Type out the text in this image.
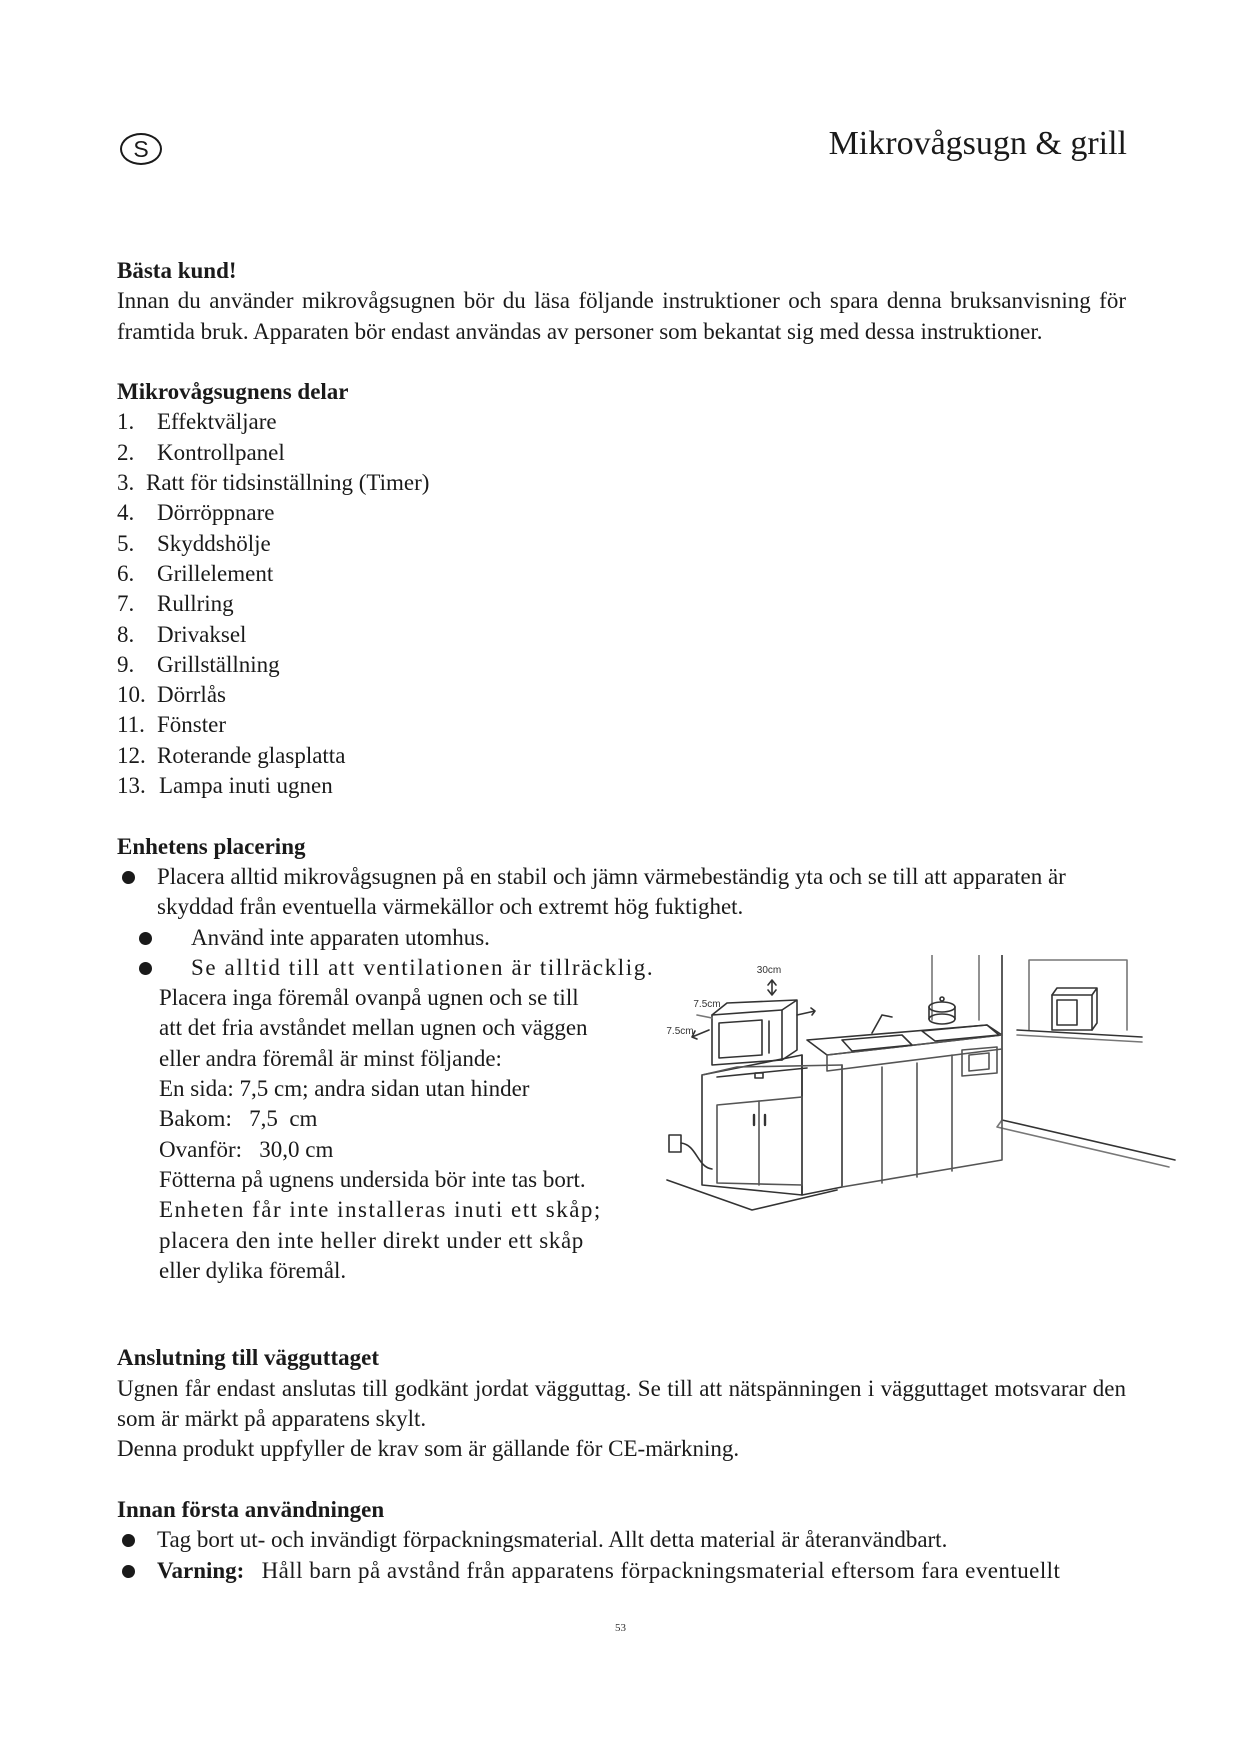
S	Mikrovågsugn & grill
Bästa kund!

Innan du använder mikrovågsugnen bör du läsa följande instruktioner och spara denna bruksanvisning för framtida bruk. Apparaten bör endast användas av personer som bekantat sig med dessa instruktioner.

Mikrovågsugnens delar
1. Effektväljare
2. Kontrollpanel
3. Ratt för tidsinställning (Timer)
4. Dörröppnare
5. Skyddshölje
6. Grillelement
7. Rullring
8. Drivaksel
9. Grillställning
10. Dörrlås
11. Fönster
12. Roterande glasplatta
13. Lampa inuti ugnen
Enhetens placering
Placera alltid mikrovågsugnen på en stabil och jämn värmebeständig yta och se till att apparaten är skyddad från eventuella värmekällor och extremt hög fuktighet.
Använd inte apparaten utomhus.
Se alltid till att ventilationen är tillräcklig.

Placera inga föremål ovanpå ugnen och se till

att det fria avståndet mellan ugnen och väggen

eller andra föremål är minst följande:

En sida: 7,5 cm; andra sidan utan hinder

Bakom:   7,5  cm

Ovanför:   30,0 cm

Fötterna på ugnens undersida bör inte tas bort.

Enheten får inte installeras inuti ett skåp;

placera den inte heller direkt under ett skåp

eller dylika föremål.

30cm
7.5cm
7.5cm
Anslutning till vägguttaget

Ugnen får endast anslutas till godkänt jordat vägguttag. Se till att nätspänningen i vägguttaget motsvarar den som är märkt på apparatens skylt.

Denna produkt uppfyller de krav som är gällande för CE-märkning.

Innan första användningen
Tag bort ut- och invändigt förpackningsmaterial. Allt detta material är återanvändbart.
Varning: Håll barn på avstånd från apparatens förpackningsmaterial eftersom fara eventuellt
53
